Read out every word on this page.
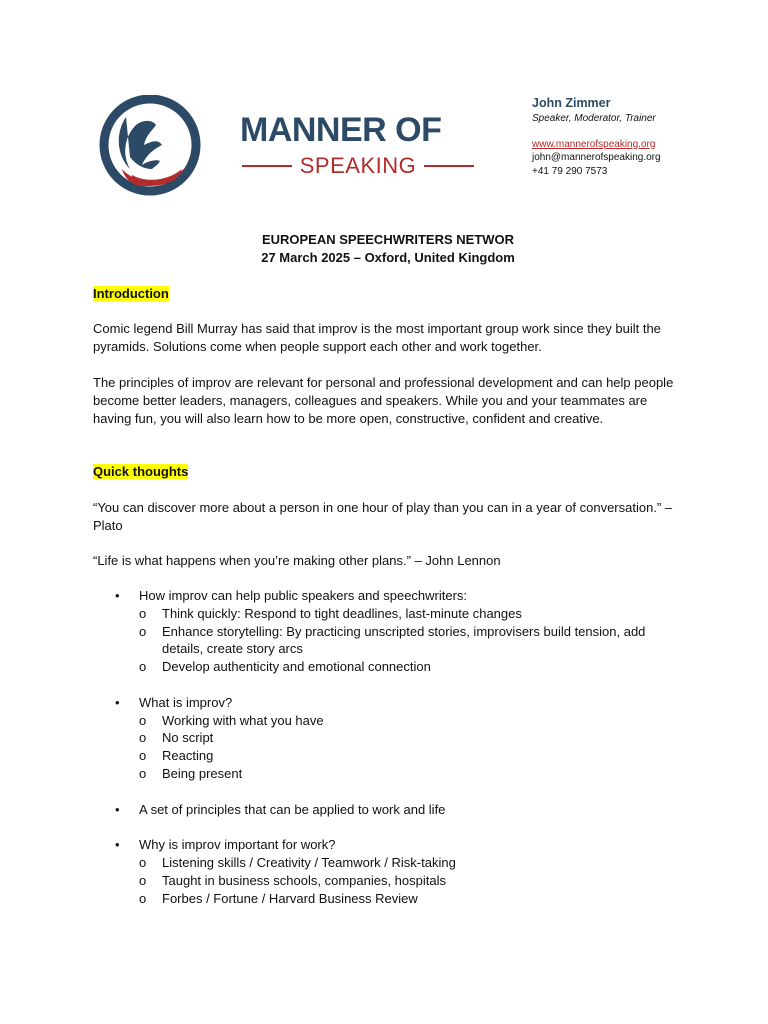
MANNER OF
SPEAKING
John Zimmer
Speaker, Moderator, Trainer
www.mannerofspeaking.org
john@mannerofspeaking.org
+41 79 290 7573
EUROPEAN SPEECHWRITERS NETWOR
27 March 2025 – Oxford, United Kingdom
Introduction
Comic legend Bill Murray has said that improv is the most important group work since they built the pyramids. Solutions come when people support each other and work together.
The principles of improv are relevant for personal and professional development and can help people become better leaders, managers, colleagues and speakers. While you and your teammates are having fun, you will also learn how to be more open, constructive, confident and creative.
Quick thoughts
“You can discover more about a person in one hour of play than you can in a year of conversation.” – Plato
“Life is what happens when you’re making other plans.” – John Lennon
• How improv can help public speakers and speechwriters:
o Think quickly: Respond to tight deadlines, last-minute changes
o Enhance storytelling: By practicing unscripted stories, improvisers build tension, add details, create story arcs
o Develop authenticity and emotional connection
• What is improv?
o Working with what you have
o No script
o Reacting
o Being present
• A set of principles that can be applied to work and life
• Why is improv important for work?
o Listening skills / Creativity / Teamwork / Risk-taking
o Taught in business schools, companies, hospitals
o Forbes / Fortune / Harvard Business Review
